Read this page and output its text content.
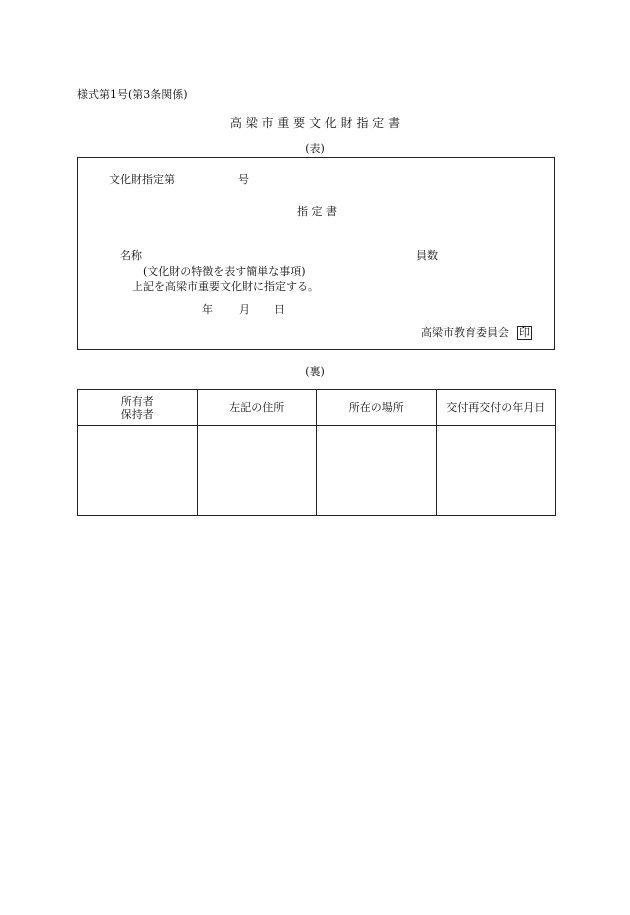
様式第1号(第3条関係)
高 梁 市 重 要 文 化 財 指 定 書
(表)
文化財指定第	号
指 定 書
名称	員数
(文化財の特徴を表す簡単な事項)
上記を高梁市重要文化財に指定する。
年 月 日
高梁市教育委員会 印
(裏)
所有者
保持者	左記の住所	所在の場所	交付再交付の年月日
